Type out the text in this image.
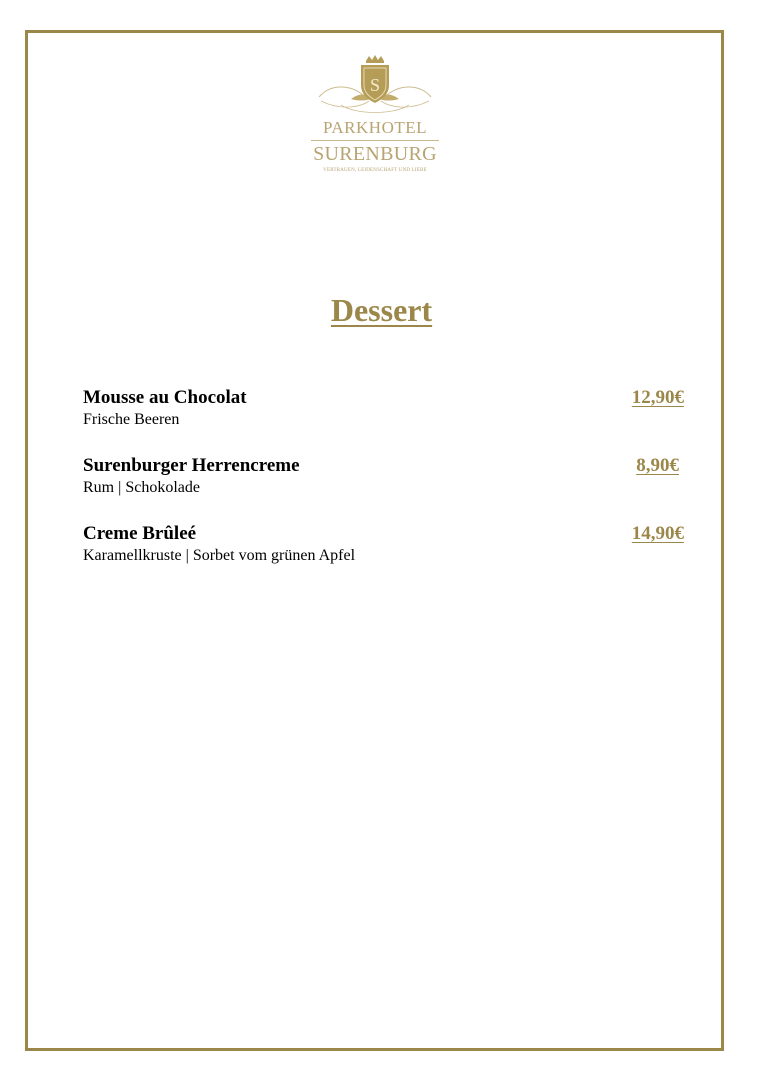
S
PARKHOTEL
SURENBURG
VERTRAUEN, LEIDENSCHAFT UND LIEBE
Dessert
Mousse au Chocolat
Frische Beeren
12,90€
Surenburger Herrencreme
Rum | Schokolade
8,90€
Creme Brûleé
Karamellkruste | Sorbet vom grünen Apfel
14,90€
